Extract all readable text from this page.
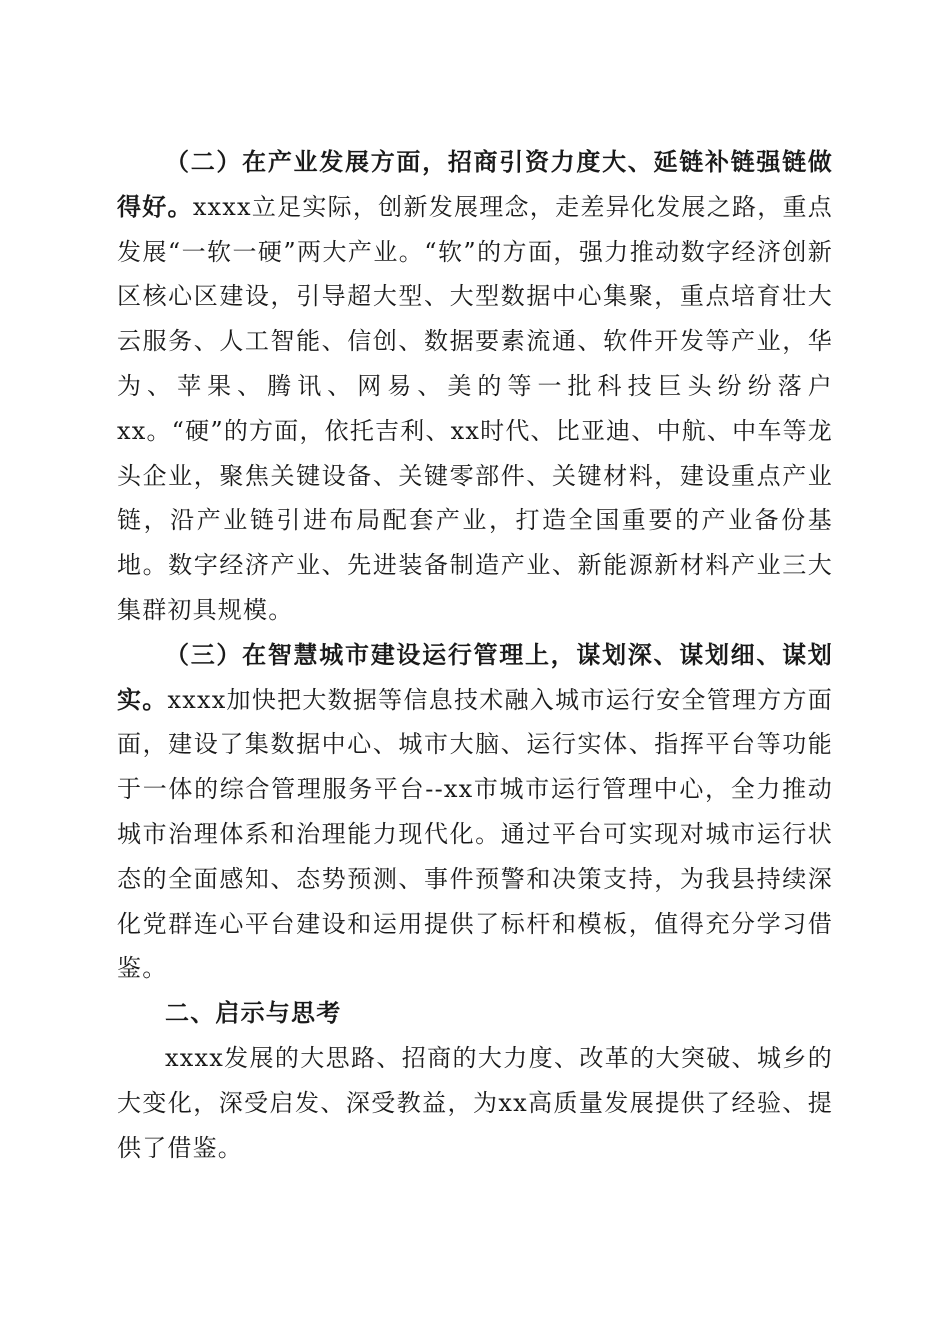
（二）在产业发展方面，招商引资力度大、延链补链强链做得好。xxxx立足实际，创新发展理念，走差异化发展之路，重点发展“一软一硬”两大产业。“软”的方面，强力推动数字经济创新区核心区建设，引导超大型、大型数据中心集聚，重点培育壮大云服务、人工智能、信创、数据要素流通、软件开发等产业，华为、苹果、腾讯、网易、美的等一批科技巨头纷纷落户xx。“硬”的方面，依托吉利、xx时代、比亚迪、中航、中车等龙头企业，聚焦关键设备、关键零部件、关键材料，建设重点产业链，沿产业链引进布局配套产业，打造全国重要的产业备份基地。数字经济产业、先进装备制造产业、新能源新材料产业三大集群初具规模。

（三）在智慧城市建设运行管理上，谋划深、谋划细、谋划实。xxxx加快把大数据等信息技术融入城市运行安全管理方方面面，建设了集数据中心、城市大脑、运行实体、指挥平台等功能于一体的综合管理服务平台--xx市城市运行管理中心，全力推动城市治理体系和治理能力现代化。通过平台可实现对城市运行状态的全面感知、态势预测、事件预警和决策支持，为我县持续深化党群连心平台建设和运用提供了标杆和模板，值得充分学习借鉴。

二、启示与思考

xxxx发展的大思路、招商的大力度、改革的大突破、城乡的大变化，深受启发、深受教益，为xx高质量发展提供了经验、提供了借鉴。
